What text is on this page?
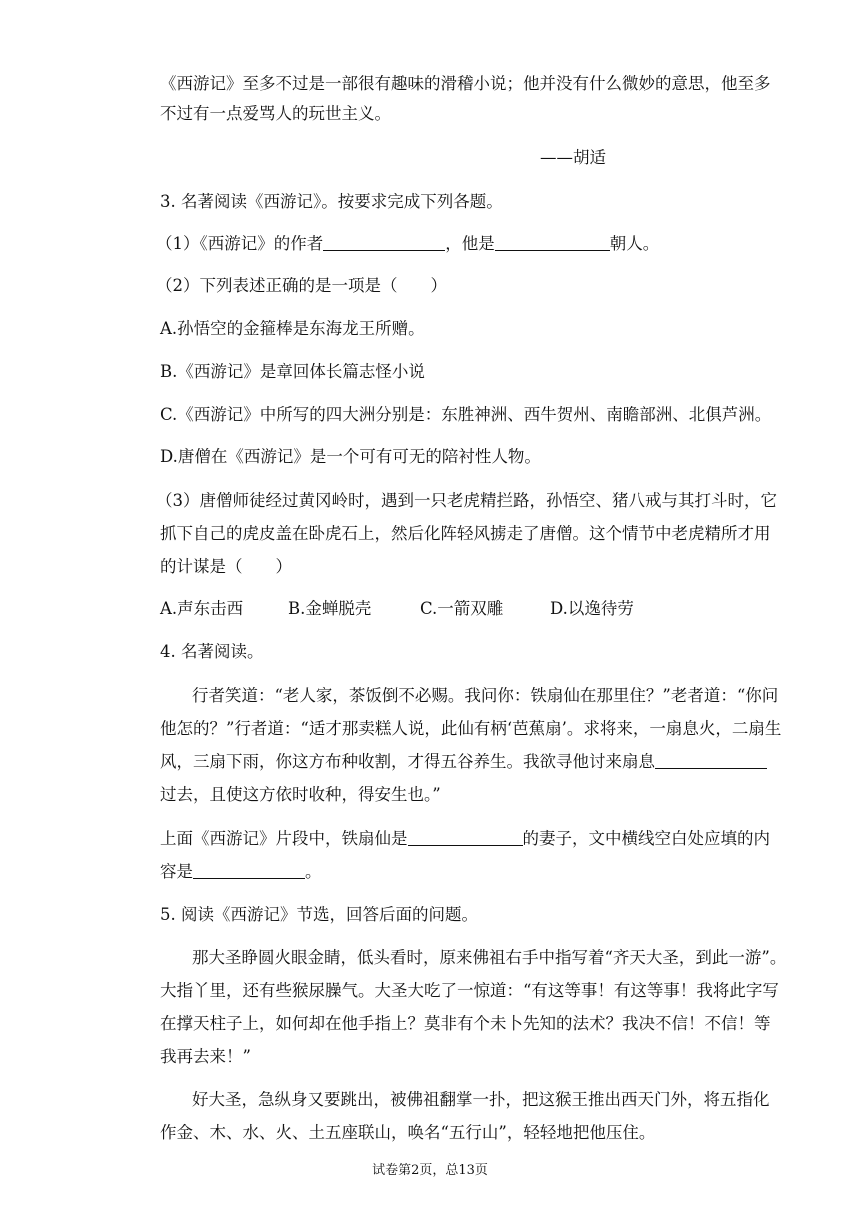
《西游记》至多不过是一部很有趣味的滑稽小说；他并没有什么微妙的意思，他至多
不过有一点爱骂人的玩世主义。
——胡适
3. 名著阅读《西游记》。按要求完成下列各题。
（1）《西游记》的作者	，他是	朝人。
（2）下列表述正确的是一项是（　　）
A.孙悟空的金箍棒是东海龙王所赠。
B.《西游记》是章回体长篇志怪小说
C.《西游记》中所写的四大洲分别是：东胜神洲、西牛贺州、南瞻部洲、北俱芦洲。
D.唐僧在《西游记》是一个可有可无的陪衬性人物。
（3）唐僧师徒经过黄冈岭时，遇到一只老虎精拦路，孙悟空、猪八戒与其打斗时，它
抓下自己的虎皮盖在卧虎石上，然后化阵轻风掳走了唐僧。这个情节中老虎精所才用
的计谋是（　　）
A.声东击西	B.金蝉脱壳	C.一箭双雕	D.以逸待劳
4. 名著阅读。
行者笑道：“老人家，茶饭倒不必赐。我问你：铁扇仙在那里住？”老者道：“你问
他怎的？”行者道：“适才那卖糕人说，此仙有柄‘芭蕉扇’。求将来，一扇息火，二扇生
风，三扇下雨，你这方布种收割，才得五谷养生。我欲寻他讨来扇息
过去，且使这方依时收种，得安生也。”
上面《西游记》片段中，铁扇仙是	的妻子，文中横线空白处应填的内
容是	。
5. 阅读《西游记》节选，回答后面的问题。
那大圣睁圆火眼金睛，低头看时，原来佛祖右手中指写着“齐天大圣，到此一游”。
大指丫里，还有些猴尿臊气。大圣大吃了一惊道：“有这等事！有这等事！我将此字写
在撑天柱子上，如何却在他手指上？莫非有个未卜先知的法术？我决不信！不信！等
我再去来！”
好大圣，急纵身又要跳出，被佛祖翻掌一扑，把这猴王推出西天门外，将五指化
作金、木、水、火、土五座联山，唤名“五行山”，轻轻地把他压住。
试卷第2页，总13页
